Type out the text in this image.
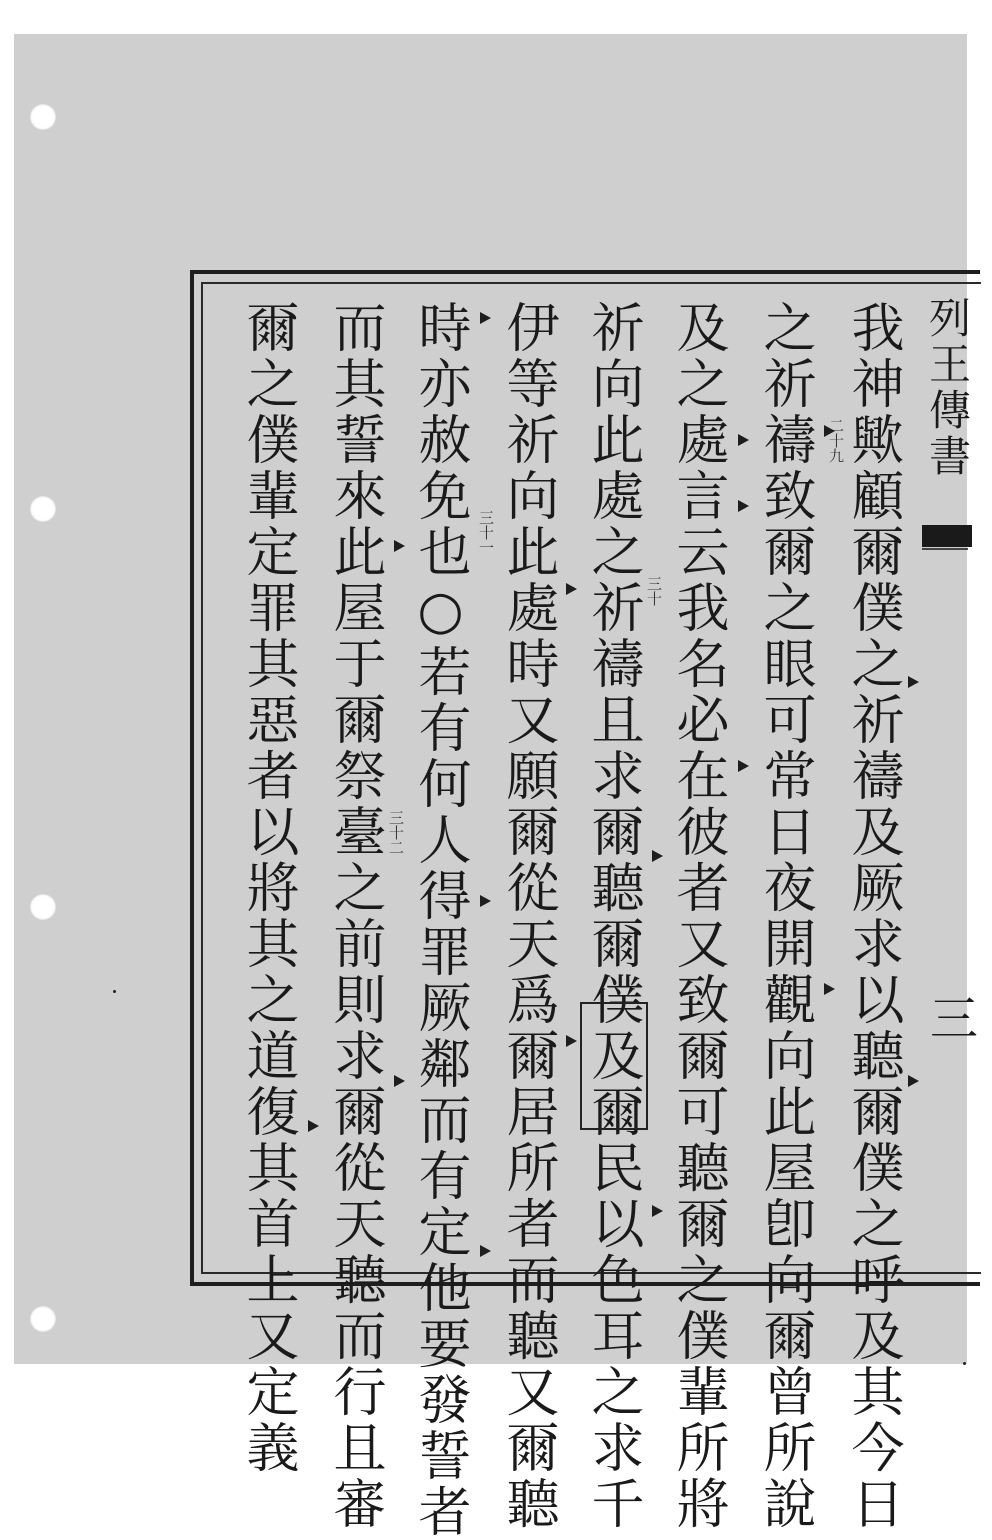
列王傳書
三
我神歟顧爾僕之祈禱及厥求以聽爾僕之呼及其今日
之祈禱致爾之眼可常日夜開觀向此屋卽向爾曾所說
及之處言云我名必在彼者又致爾可聽爾之僕輩所將
祈向此處之祈禱且求爾聽爾僕及爾民以色耳之求千
伊等祈向此處時又願爾從天爲爾居所者而聽又爾聽
時亦赦免也○若有何人得罪厥鄰而有定他要發誓者
而其誓來此屋于爾祭臺之前則求爾從天聽而行且審
爾之僕輩定罪其惡者以將其之道復其首上又定義	二十九
三十
三十一
三十二
